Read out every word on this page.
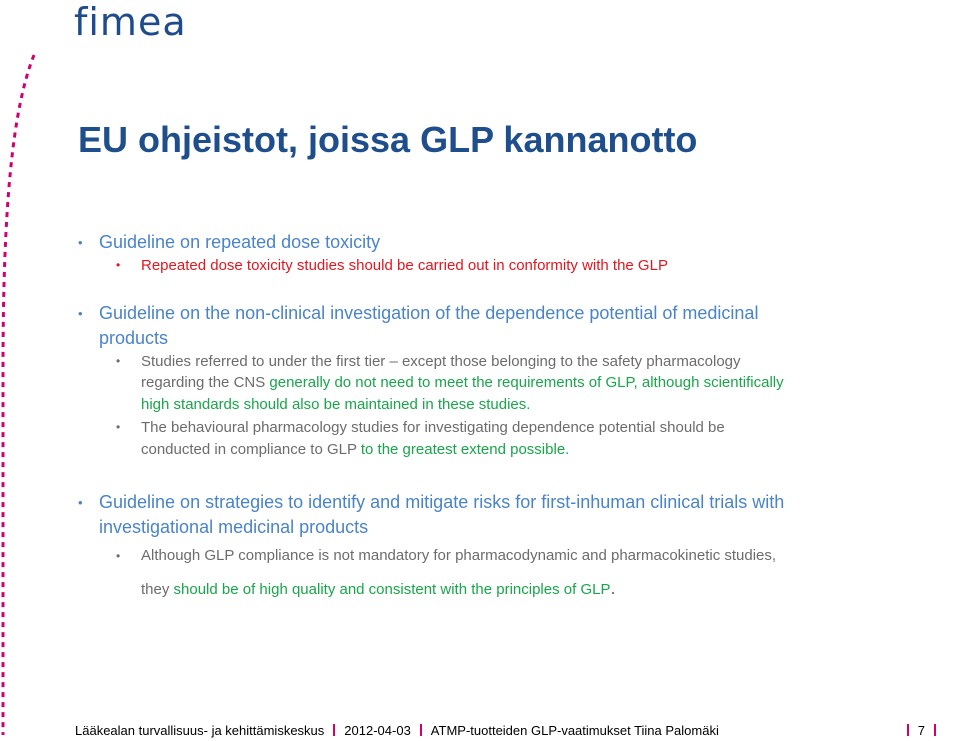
fimea
EU ohjeistot, joissa GLP kannanotto
• Guideline on repeated dose toxicity
• Repeated dose toxicity studies should be carried out in conformity with the GLP
• Guideline on the non-clinical investigation of the dependence potential of medicinal
products
• Studies referred to under the first tier – except those belonging to the safety pharmacology
regarding the CNS generally do not need to meet the requirements of GLP, although scientifically
high standards should also be maintained in these studies.
• The behavioural pharmacology studies for investigating dependence potential should be
conducted in compliance to GLP to the greatest extend possible.
• Guideline on strategies to identify and mitigate risks for first-inhuman clinical trials with
investigational medicinal products
• Although GLP compliance is not mandatory for pharmacodynamic and pharmacokinetic studies,
they should be of high quality and consistent with the principles of GLP.
Lääkealan turvallisuus- ja kehittämiskeskus 2012-04-03 ATMP-tuotteiden GLP-vaatimukset Tiina Palomäki	7
